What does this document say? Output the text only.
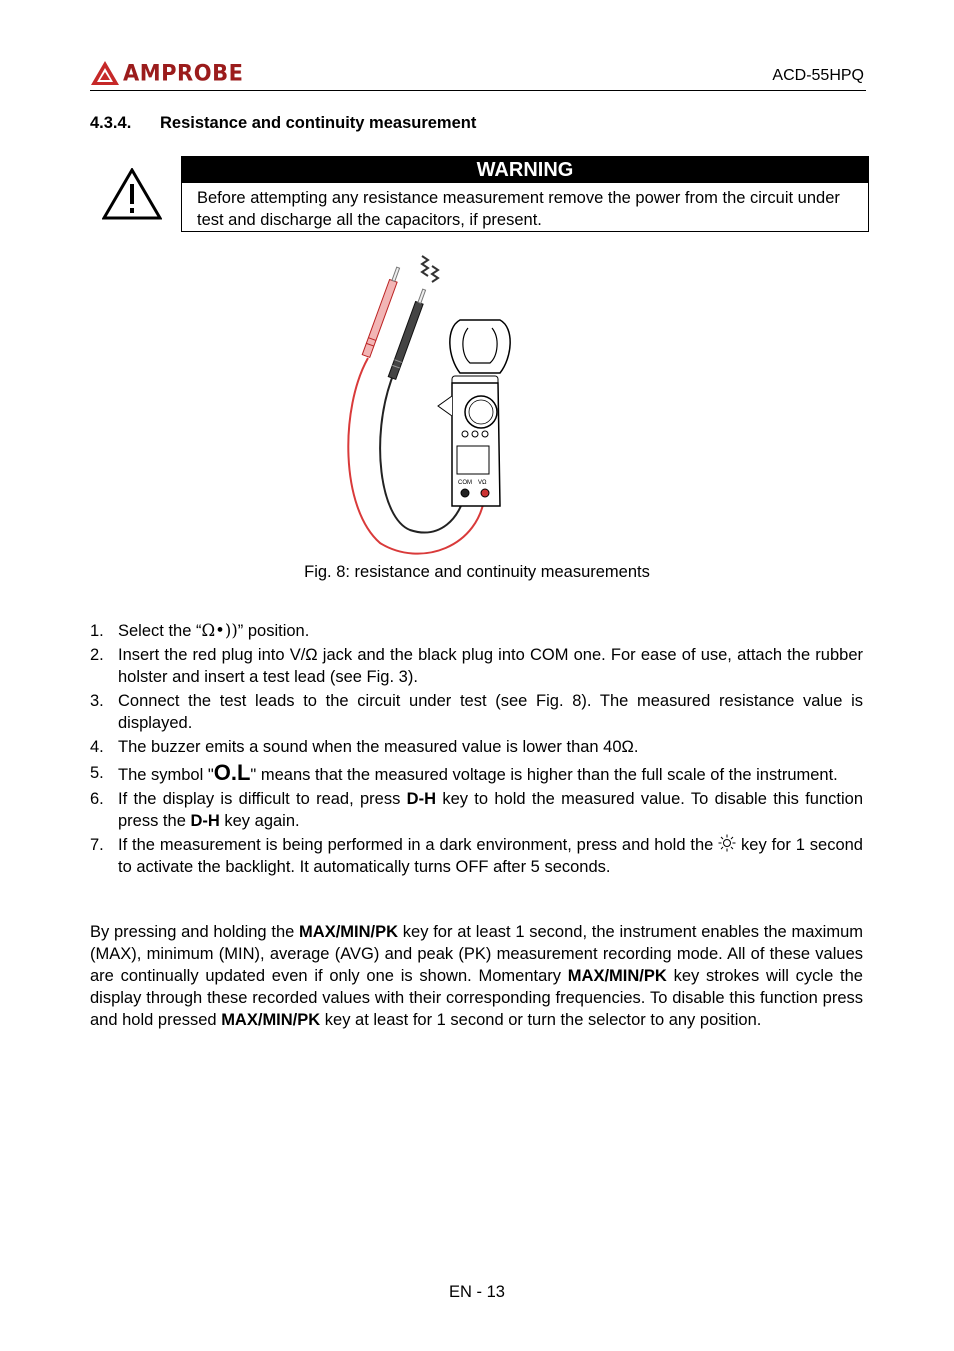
AMPROBE	ACD-55HPQ
4.3.4. Resistance and continuity measurement
WARNING
Before attempting any resistance measurement remove the power from the circuit under test and discharge all the capacitors, if present.
COM VΩ
Fig. 8: resistance and continuity measurements
1. Select the “Ω•))” position.
2. Insert the red plug into V/Ω jack and the black plug into COM one. For ease of use, attach the rubber holster and insert a test lead (see Fig. 3).
3. Connect the test leads to the circuit under test (see Fig. 8). The measured resistance value is displayed.
4. The buzzer emits a sound when the measured value is lower than 40Ω.
5. The symbol "O.L" means that the measured voltage is higher than the full scale of the instrument.
6. If the display is difficult to read, press D-H key to hold the measured value. To disable this function press the D-H key again.
7. If the measurement is being performed in a dark environment, press and hold the  key for 1 second to activate the backlight. It automatically turns OFF after 5 seconds.
By pressing and holding the MAX/MIN/PK key for at least 1 second, the instrument enables the maximum (MAX), minimum (MIN), average (AVG) and peak (PK) measurement recording mode. All of these values are continually updated even if only one is shown. Momentary MAX/MIN/PK key strokes will cycle the display through these recorded values with their corresponding frequencies. To disable this function press and hold pressed MAX/MIN/PK key at least for 1 second or turn the selector to any position.
EN - 13
